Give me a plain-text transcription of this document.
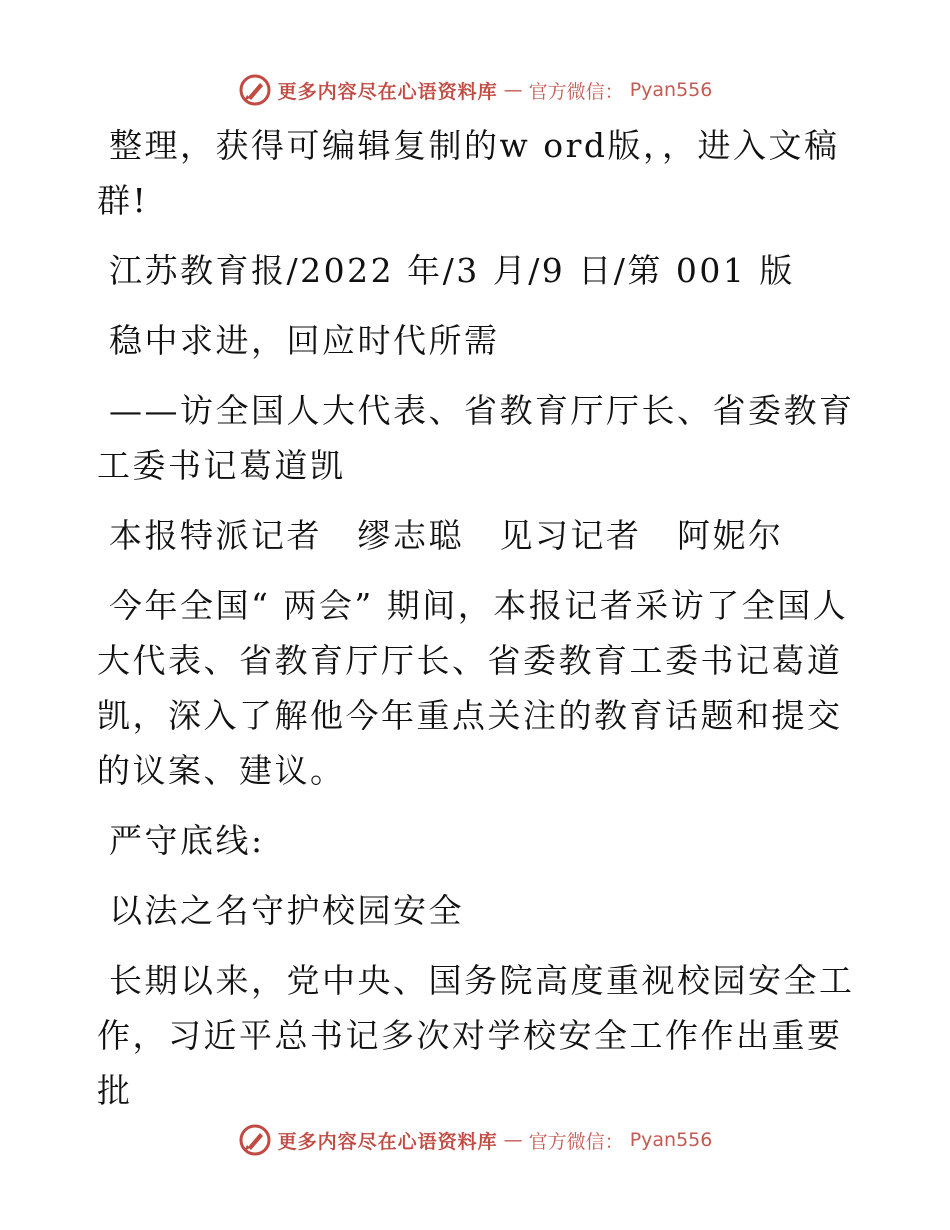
更多内容尽在心语资料库 — 官方微信： Pyan556

整理，获得可编辑复制的w ord版，，进入文稿群!

江苏教育报/2022 年/3 月/9 日/第 001 版

稳中求进，回应时代所需

——访全国人大代表、省教育厅厅长、省委教育工委书记葛道凯

本报特派记者　缪志聪　见习记者　阿妮尔

今年全国“ 两会” 期间，本报记者采访了全国人大代表、省教育厅厅长、省委教育工委书记葛道凯，深入了解他今年重点关注的教育话题和提交的议案、建议。

严守底线:

以法之名守护校园安全

长期以来，党中央、国务院高度重视校园安全工作，习近平总书记多次对学校安全工作作出重要批

更多内容尽在心语资料库 — 官方微信： Pyan556
